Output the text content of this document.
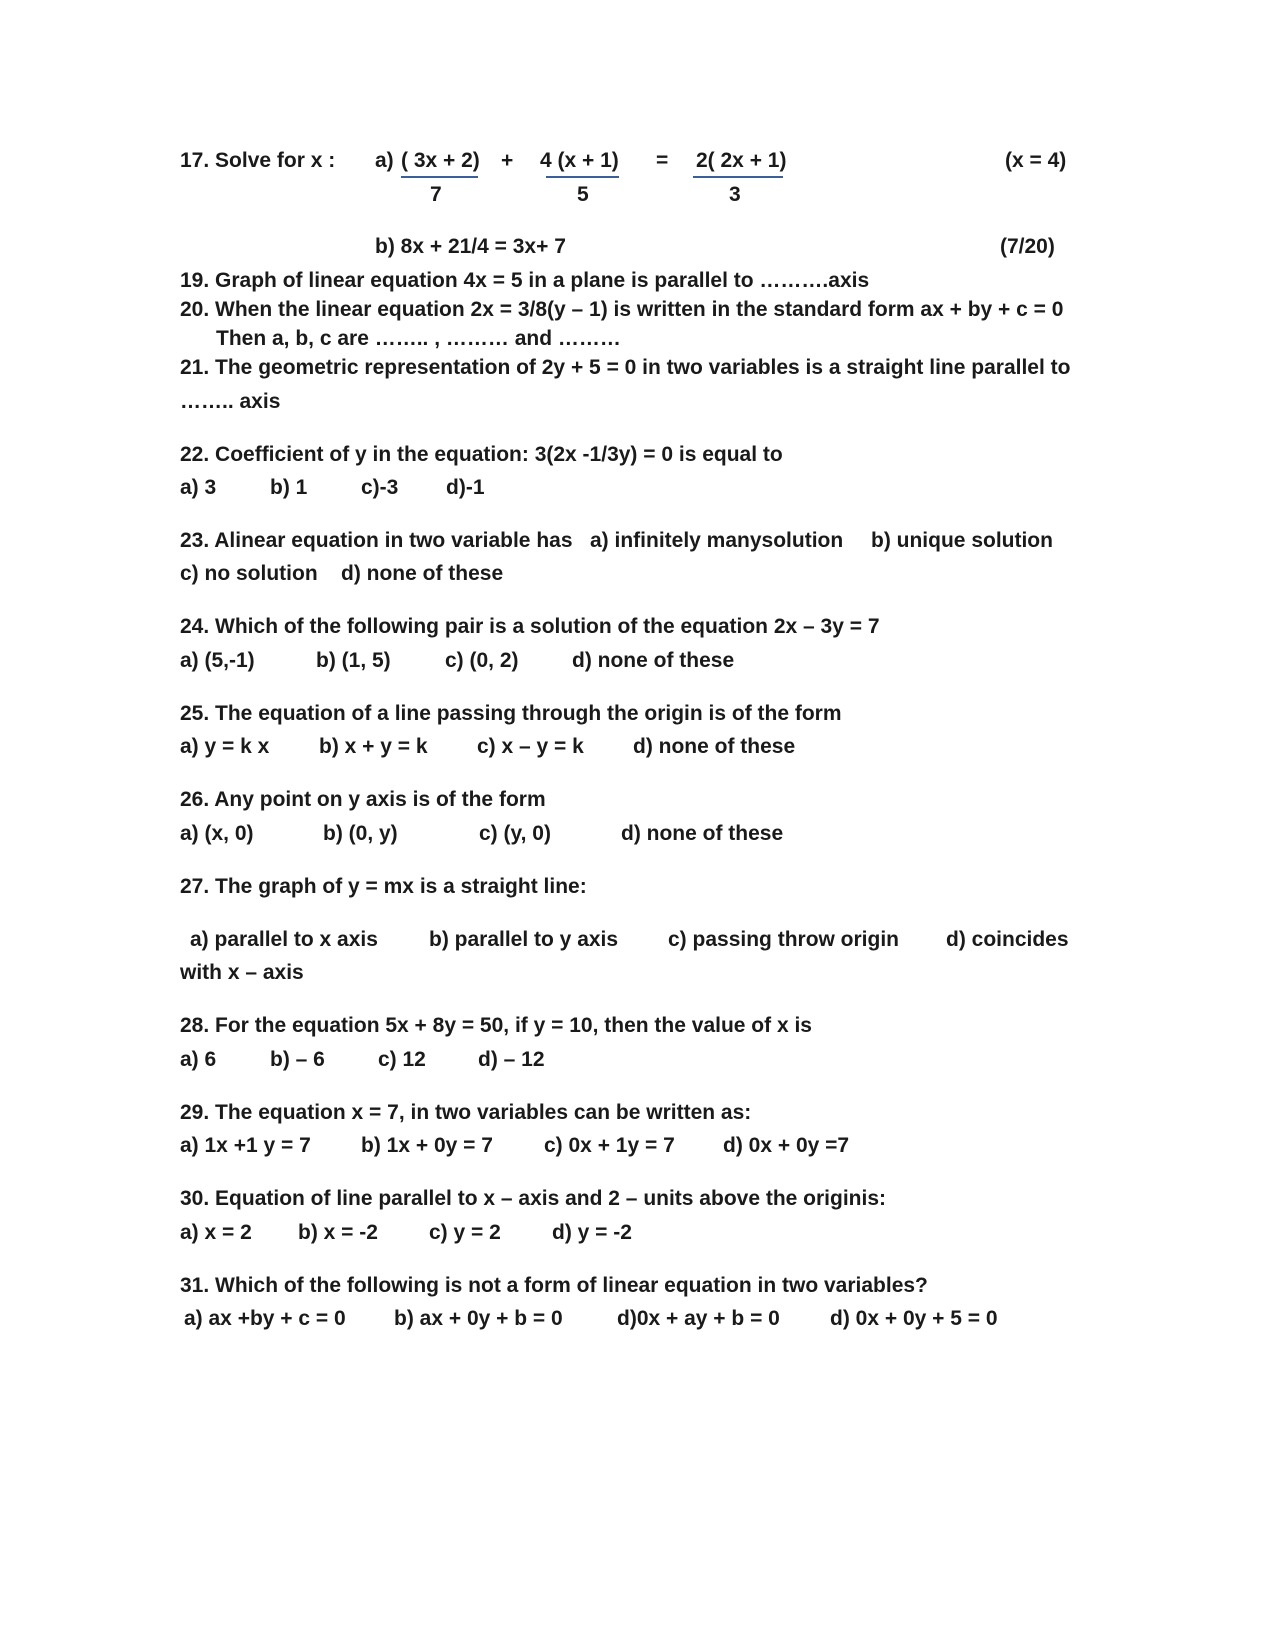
17. Solve for x : a) ( 3x + 2)
7
+ 4 (x + 1)
5
= 2( 2x + 1)
3
(x = 4)
b) 8x + 21/4 = 3x+ 7	(7/20)
19. Graph of linear equation 4x = 5 in a plane is parallel to ……….axis
20. When the linear equation 2x = 3/8(y – 1) is written in the standard form ax + by + c = 0
Then a, b, c are …….. , ……… and ………
21. The geometric representation of 2y + 5 = 0 in two variables is a straight line parallel to
…….. axis
22. Coefficient of y in the equation: 3(2x -1/3y) = 0 is equal to
a) 3	b) 1	c)-3 d)-1
23. Alinear equation in two variable has a) infinitely manysolution b) unique solution
c) no solution d) none of these
24. Which of the following pair is a solution of the equation 2x – 3y = 7
a) (5,-1)	b) (1, 5)	c) (0, 2)	d) none of these
25. The equation of a line passing through the origin is of the form
a) y = k x b) x + y = k c) x – y = k d) none of these
26. Any point on y axis is of the form
a) (x, 0)	b) (0, y)	c) (y, 0)	d) none of these
27. The graph of y = mx is a straight line:
a) parallel to x axis b) parallel to y axis c) passing throw origin d) coincides
with x – axis
28. For the equation 5x + 8y = 50, if y = 10, then the value of x is
a) 6	b) – 6	c) 12 d) – 12
29. The equation x = 7, in two variables can be written as:
a) 1x +1 y = 7 b) 1x + 0y = 7 c) 0x + 1y = 7 d) 0x + 0y =7
30. Equation of line parallel to x – axis and 2 – units above the originis:
a) x = 2 b) x = -2 c) y = 2 d) y = -2
31. Which of the following is not a form of linear equation in two variables?
a) ax +by + c = 0 b) ax + 0y + b = 0	d)0x + ay + b = 0 d) 0x + 0y + 5 = 0
